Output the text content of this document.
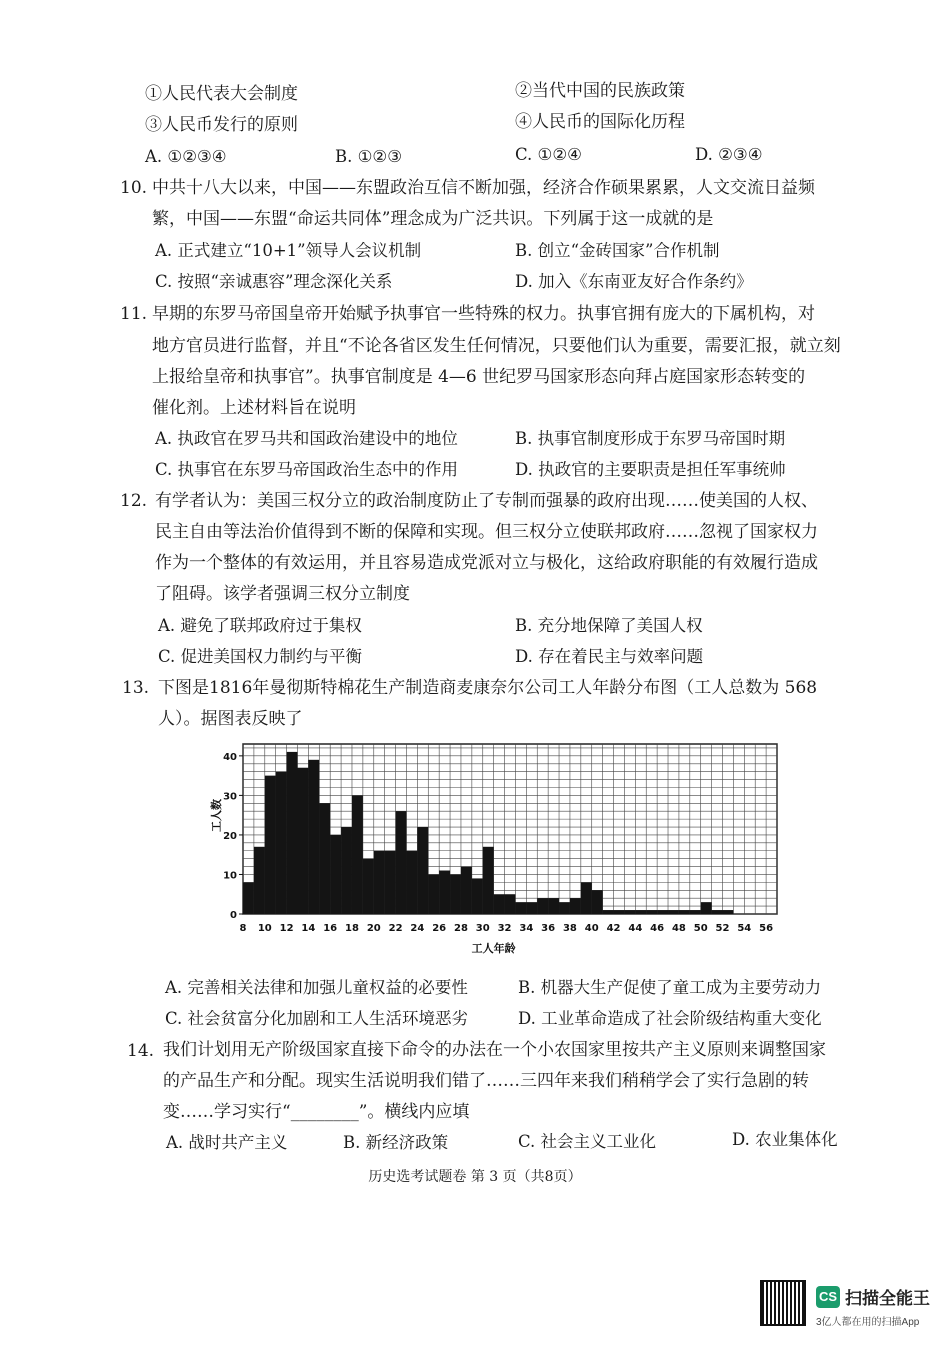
①人民代表大会制度	②当代中国的民族政策
③人民币发行的原则	④人民币的国际化历程
A. ①②③④	B. ①②③	C. ①②④	D. ②③④
10. 中共十八大以来，中国——东盟政治互信不断加强，经济合作硕果累累，人文交流日益频
繁，中国——东盟“命运共同体”理念成为广泛共识。下列属于这一成就的是
A. 正式建立“10+1”领导人会议机制	B. 创立“金砖国家”合作机制
C. 按照“亲诚惠容”理念深化关系	D. 加入《东南亚友好合作条约》
11. 早期的东罗马帝国皇帝开始赋予执事官一些特殊的权力。执事官拥有庞大的下属机构，对
地方官员进行监督，并且“不论各省区发生任何情况，只要他们认为重要，需要汇报，就立刻
上报给皇帝和执事官”。执事官制度是 4—6 世纪罗马国家形态向拜占庭国家形态转变的
催化剂。上述材料旨在说明
A. 执政官在罗马共和国政治建设中的地位	B. 执事官制度形成于东罗马帝国时期
C. 执事官在东罗马帝国政治生态中的作用	D. 执政官的主要职责是担任军事统帅
12. 有学者认为：美国三权分立的政治制度防止了专制而强暴的政府出现……使美国的人权、
民主自由等法治价值得到不断的保障和实现。但三权分立使联邦政府……忽视了国家权力
作为一个整体的有效运用，并且容易造成党派对立与极化，这给政府职能的有效履行造成
了阻碍。该学者强调三权分立制度
A. 避免了联邦政府过于集权	B. 充分地保障了美国人权
C. 促进美国权力制约与平衡	D. 存在着民主与效率问题
13. 下图是1816年曼彻斯特棉花生产制造商麦康奈尔公司工人年龄分布图（工人总数为 568
人）。据图表反映了
0
10
20
30
40
8 10 12 14 16 18 20 22 24 26 28 30 32 34 36 38 40 42 44 46 48 50 52 54 56
工人数
工人年龄
A. 完善相关法律和加强儿童权益的必要性	B. 机器大生产促使了童工成为主要劳动力
C. 社会贫富分化加剧和工人生活环境恶劣	D. 工业革命造成了社会阶级结构重大变化
14. 我们计划用无产阶级国家直接下命令的办法在一个小农国家里按共产主义原则来调整国家
的产品生产和分配。现实生活说明我们错了……三四年来我们稍稍学会了实行急剧的转
变……学习实行“________”。横线内应填
A. 战时共产主义	B. 新经济政策	C. 社会主义工业化	D. 农业集体化
历史选考试题卷 第 3 页（共8页）
CS 扫描全能王
3亿人都在用的扫描App
